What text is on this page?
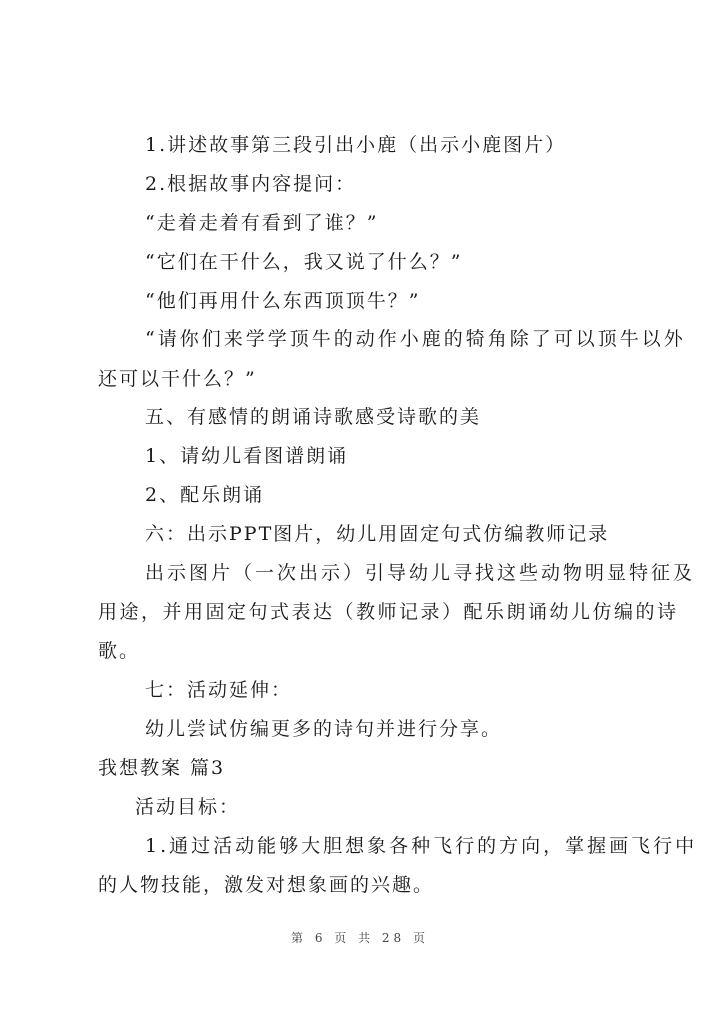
1.讲述故事第三段引出小鹿（出示小鹿图片）
2.根据故事内容提问：
“走着走着有看到了谁？”
“它们在干什么，我又说了什么？”
“他们再用什么东西顶顶牛？”
“请你们来学学顶牛的动作小鹿的犄角除了可以顶牛以外
还可以干什么？”
五、有感情的朗诵诗歌感受诗歌的美
1、请幼儿看图谱朗诵
2、配乐朗诵
六：出示PPT图片，幼儿用固定句式仿编教师记录
出示图片（一次出示）引导幼儿寻找这些动物明显特征及
用途，并用固定句式表达（教师记录）配乐朗诵幼儿仿编的诗
歌。
七：活动延伸：
幼儿尝试仿编更多的诗句并进行分享。
我想教案 篇3
活动目标：
1.通过活动能够大胆想象各种飞行的方向，掌握画飞行中
的人物技能，激发对想象画的兴趣。
第 6 页 共 28 页
